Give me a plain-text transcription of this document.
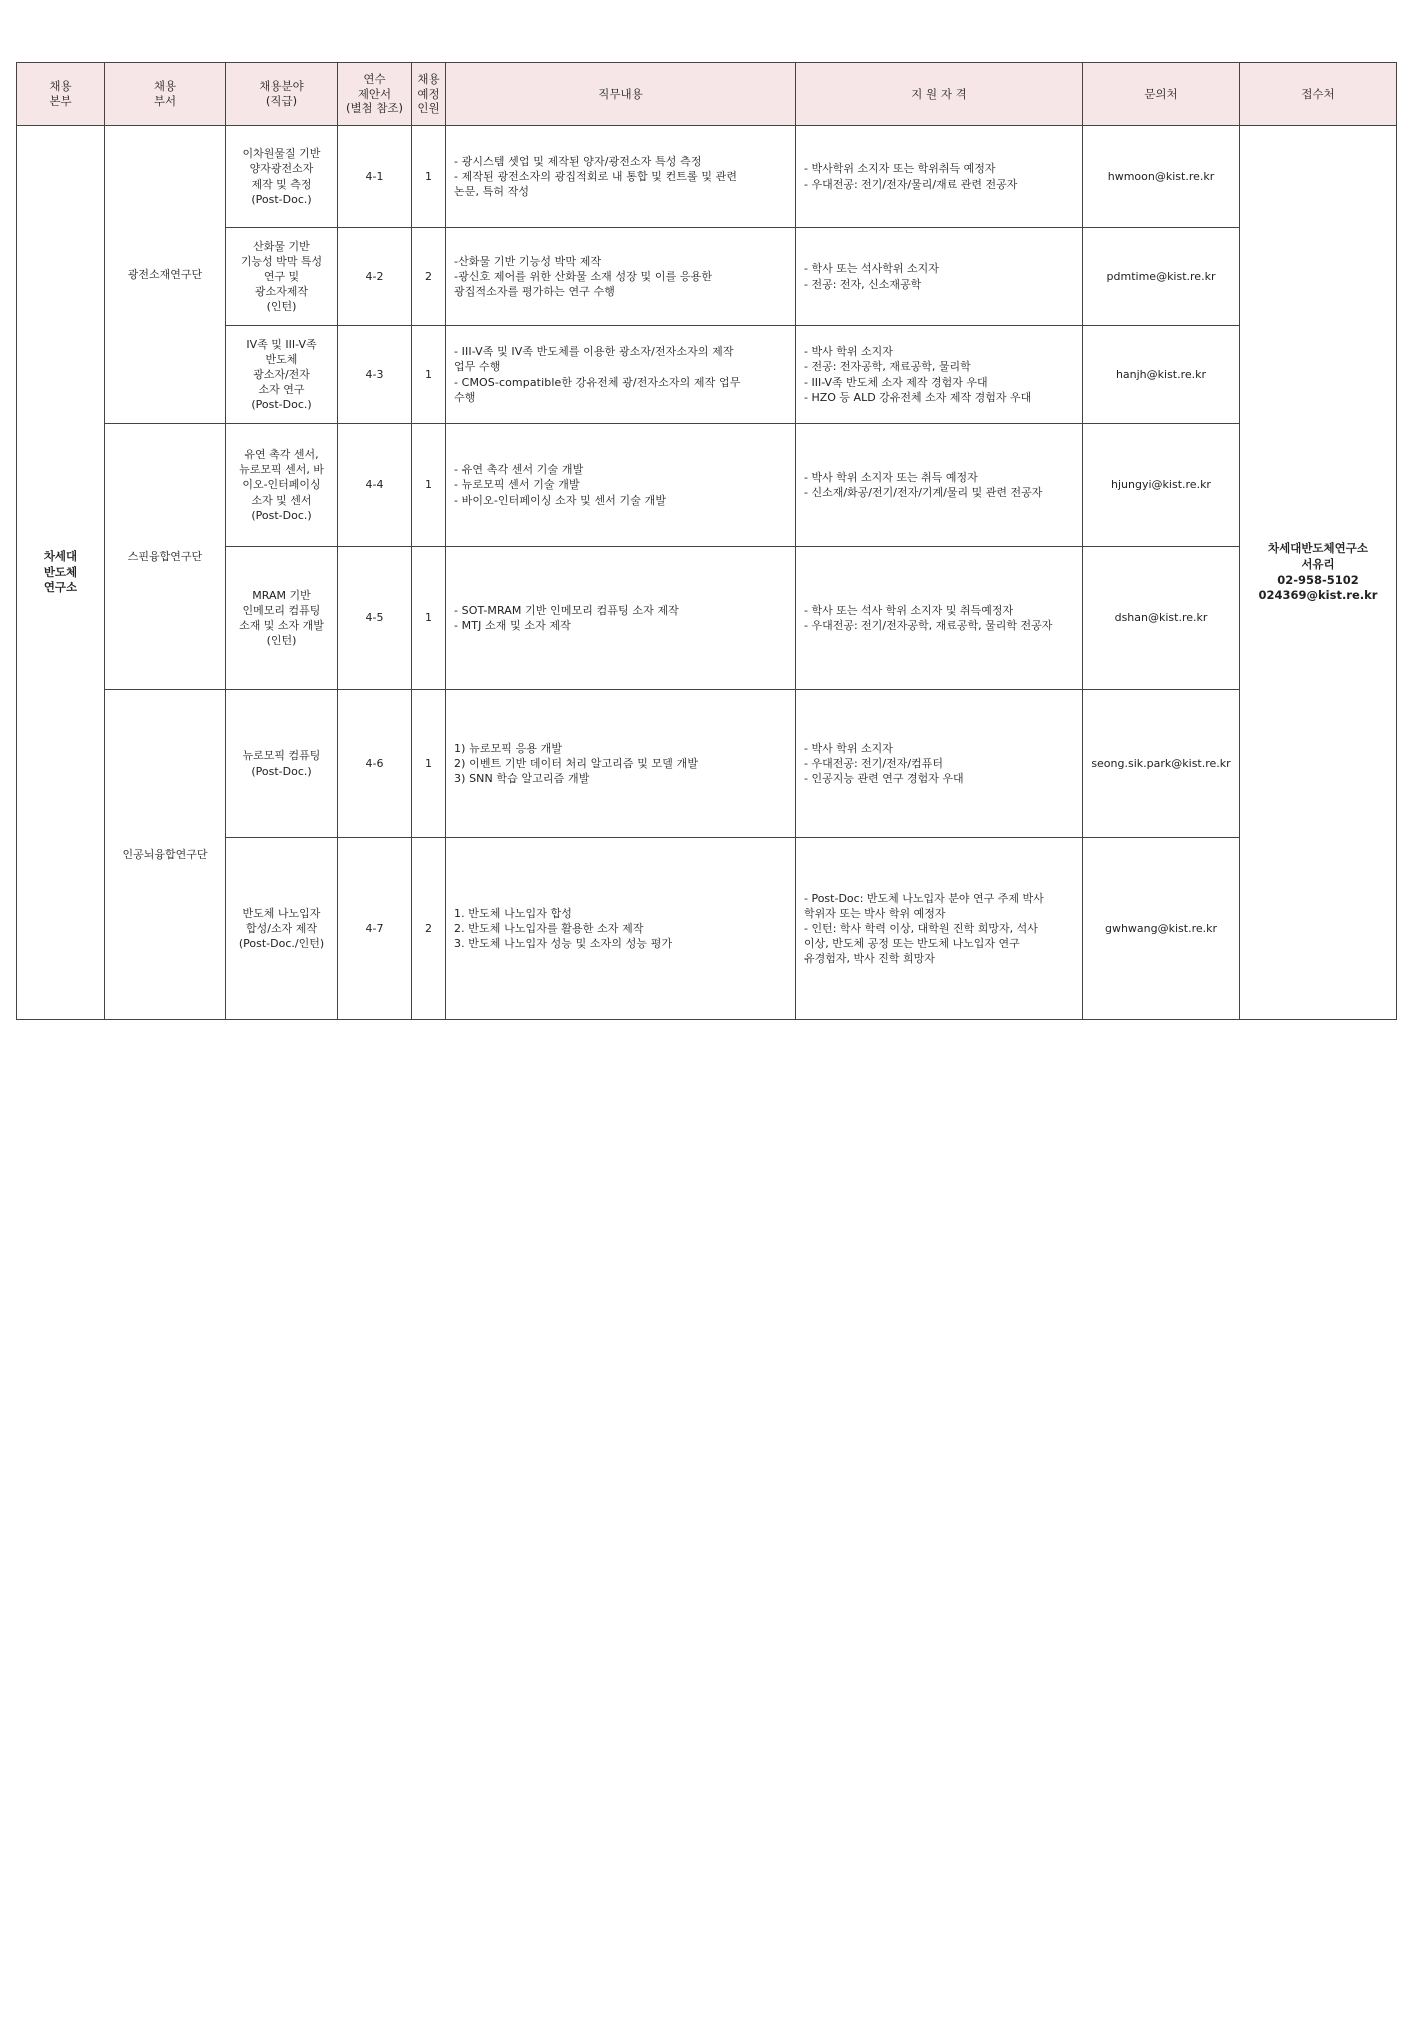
채용
본부	채용
부서	채용분야
(직급)	연수
제안서
(별첨 참조)	채용
예정
인원	직무내용	지 원 자 격	문의처	접수처
차세대
반도체
연구소	광전소재연구단	이차원물질 기반
양자광전소자
제작 및 측정
(Post-Doc.)	4-1	1	- 광시스템 셋업 및 제작된 양자/광전소자 특성 측정
- 제작된 광전소자의 광집적회로 내 통합 및 컨트롤 및 관련
논문, 특허 작성	- 박사학위 소지자 또는 학위취득 예정자
- 우대전공: 전기/전자/물리/재료 관련 전공자	hwmoon@kist.re.kr	차세대반도체연구소
서유리
02-958-5102
024369@kist.re.kr
		산화물 기반
기능성 박막 특성
연구 및
광소자제작
(인턴)	4-2	2	-산화물 기반 기능성 박막 제작
-광신호 제어를 위한 산화물 소재 성장 및 이를 응용한
광집적소자를 평가하는 연구 수행	- 학사 또는 석사학위 소지자
- 전공: 전자, 신소재공학	pdmtime@kist.re.kr	
		IV족 및 III-V족
반도체
광소자/전자
소자 연구
(Post-Doc.)	4-3	1	- III-V족 및 IV족 반도체를 이용한 광소자/전자소자의 제작
업무 수행
- CMOS-compatible한 강유전체 광/전자소자의 제작 업무
수행	- 박사 학위 소지자
- 전공: 전자공학, 재료공학, 물리학
- III-V족 반도체 소자 제작 경험자 우대
- HZO 등 ALD 강유전체 소자 제작 경험자 우대	hanjh@kist.re.kr	
	스핀융합연구단	유연 촉각 센서,
뉴로모픽 센서, 바
이오-인터페이싱
소자 및 센서
(Post-Doc.)	4-4	1	- 유연 촉각 센서 기술 개발
- 뉴로모픽 센서 기술 개발
- 바이오-인터페이싱 소자 및 센서 기술 개발	- 박사 학위 소지자 또는 취득 예정자
- 신소재/화공/전기/전자/기계/물리 및 관련 전공자	hjungyi@kist.re.kr	
		MRAM 기반
인메모리 컴퓨팅
소재 및 소자 개발
(인턴)	4-5	1	- SOT-MRAM 기반 인메모리 컴퓨팅 소자 제작
- MTJ 소재 및 소자 제작	- 학사 또는 석사 학위 소지자 및 취득예정자
- 우대전공: 전기/전자공학, 재료공학, 물리학 전공자	dshan@kist.re.kr	
	인공뇌융합연구단	뉴로모픽 컴퓨팅
(Post-Doc.)	4-6	1	1) 뉴로모픽 응용 개발
2) 이벤트 기반 데이터 처리 알고리즘 및 모델 개발
3) SNN 학습 알고리즘 개발	- 박사 학위 소지자
- 우대전공: 전기/전자/컴퓨터
- 인공지능 관련 연구 경험자 우대	seong.sik.park@kist.re.kr	
		반도체 나노입자
합성/소자 제작
(Post-Doc./인턴)	4-7	2	1. 반도체 나노입자 합성
2. 반도체 나노입자를 활용한 소자 제작
3. 반도체 나노입자 성능 및 소자의 성능 평가	- Post-Doc: 반도체 나노입자 분야 연구 주제 박사
학위자 또는 박사 학위 예정자
- 인턴: 학사 학력 이상, 대학원 진학 희망자, 석사
이상, 반도체 공정 또는 반도체 나노입자 연구
유경험자, 박사 진학 희망자	gwhwang@kist.re.kr	
